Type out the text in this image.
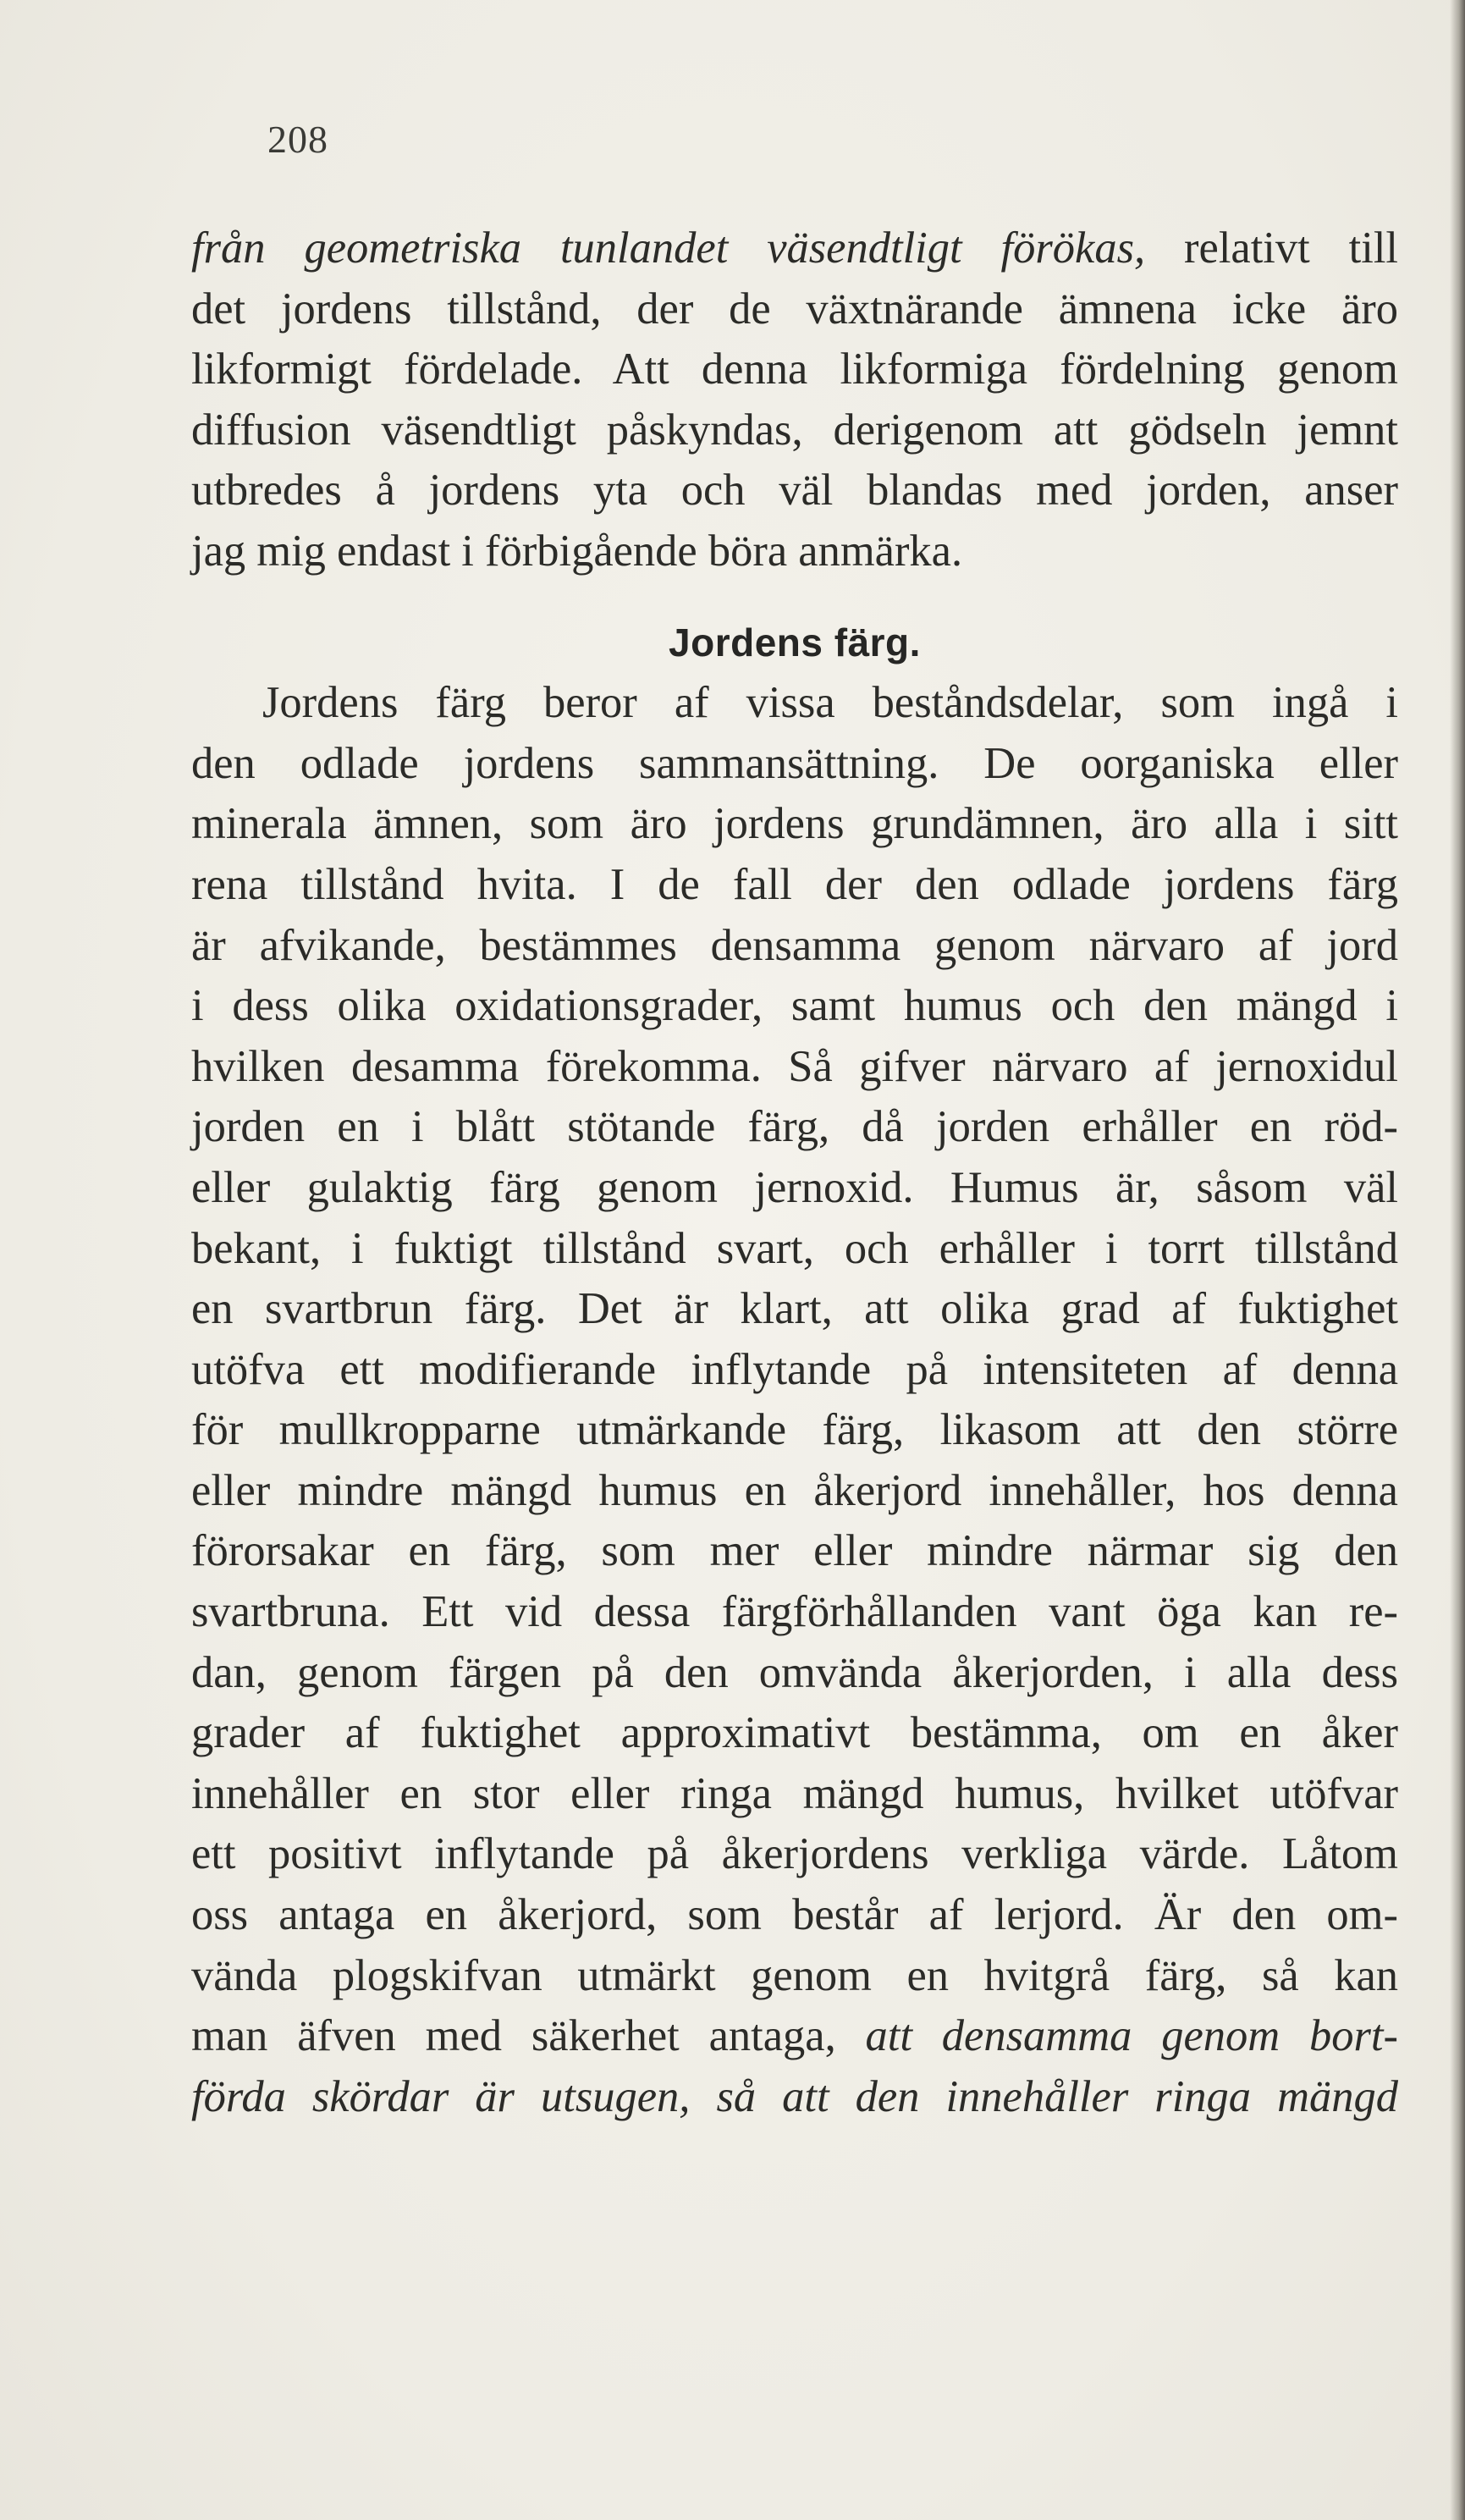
208
från geometriska tunlandet väsendtligt förökas, relativt till
det jordens tillstånd, der de växtnärande ämnena icke äro
likformigt fördelade. Att denna likformiga fördelning genom
diffusion väsendtligt påskyndas, derigenom att gödseln jemnt
utbredes å jordens yta och väl blandas med jorden, anser
jag mig endast i förbigående böra anmärka.
Jordens färg.
Jordens färg beror af vissa beståndsdelar, som ingå i
den odlade jordens sammansättning. De oorganiska eller
minerala ämnen, som äro jordens grundämnen, äro alla i sitt
rena tillstånd hvita. I de fall der den odlade jordens färg
är afvikande, bestämmes densamma genom närvaro af jord
i dess olika oxidationsgrader, samt humus och den mängd i
hvilken desamma förekomma. Så gifver närvaro af jernoxidul
jorden en i blått stötande färg, då jorden erhåller en röd-
eller gulaktig färg genom jernoxid. Humus är, såsom väl
bekant, i fuktigt tillstånd svart, och erhåller i torrt tillstånd
en svartbrun färg. Det är klart, att olika grad af fuktighet
utöfva ett modifierande inflytande på intensiteten af denna
för mullkropparne utmärkande färg, likasom att den större
eller mindre mängd humus en åkerjord innehåller, hos denna
förorsakar en färg, som mer eller mindre närmar sig den
svartbruna. Ett vid dessa färgförhållanden vant öga kan re-
dan, genom färgen på den omvända åkerjorden, i alla dess
grader af fuktighet approximativt bestämma, om en åker
innehåller en stor eller ringa mängd humus, hvilket utöfvar
ett positivt inflytande på åkerjordens verkliga värde. Låtom
oss antaga en åkerjord, som består af lerjord. Är den om-
vända plogskifvan utmärkt genom en hvitgrå färg, så kan
man äfven med säkerhet antaga, att densamma genom bort-
förda skördar är utsugen, så att den innehåller ringa mängd
